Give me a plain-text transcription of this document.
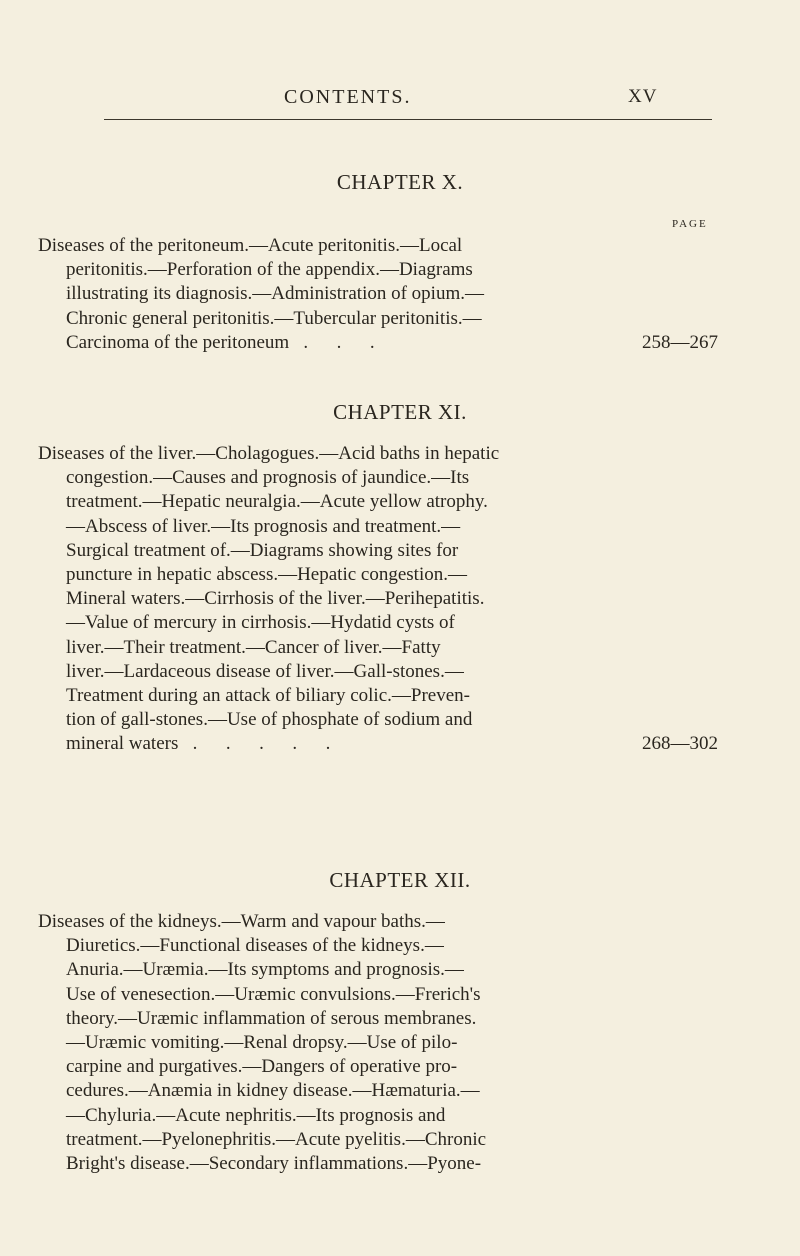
CONTENTS.	XV
CHAPTER X.
PAGE
Diseases of the peritoneum.—Acute peritonitis.—Local
peritonitis.—Perforation of the appendix.—Diagrams
illustrating its diagnosis.—Administration of opium.—
Chronic general peritonitis.—Tubercular peritonitis.—
Carcinoma of the peritoneum   .      .      .	258—267
CHAPTER XI.
Diseases of the liver.—Cholagogues.—Acid baths in hepatic
congestion.—Causes and prognosis of jaundice.—Its
treatment.—Hepatic neuralgia.—Acute yellow atrophy.
—Abscess of liver.—Its prognosis and treatment.—
Surgical treatment of.—Diagrams showing sites for
puncture in hepatic abscess.—Hepatic congestion.—
Mineral waters.—Cirrhosis of the liver.—Perihepatitis.
—Value of mercury in cirrhosis.—Hydatid cysts of
liver.—Their treatment.—Cancer of liver.—Fatty
liver.—Lardaceous disease of liver.—Gall-stones.—
Treatment during an attack of biliary colic.—Preven-
tion of gall-stones.—Use of phosphate of sodium and
mineral waters   .      .      .      .      .	268—302
CHAPTER XII.
Diseases of the kidneys.—Warm and vapour baths.—
Diuretics.—Functional diseases of the kidneys.—
Anuria.—Uræmia.—Its symptoms and prognosis.—
Use of venesection.—Uræmic convulsions.—Frerich's
theory.—Uræmic inflammation of serous membranes.
—Uræmic vomiting.—Renal dropsy.—Use of pilo-
carpine and purgatives.—Dangers of operative pro-
cedures.—Anæmia in kidney disease.—Hæmaturia.—
—Chyluria.—Acute nephritis.—Its prognosis and
treatment.—Pyelonephritis.—Acute pyelitis.—Chronic
Bright's disease.—Secondary inflammations.—Pyone-
